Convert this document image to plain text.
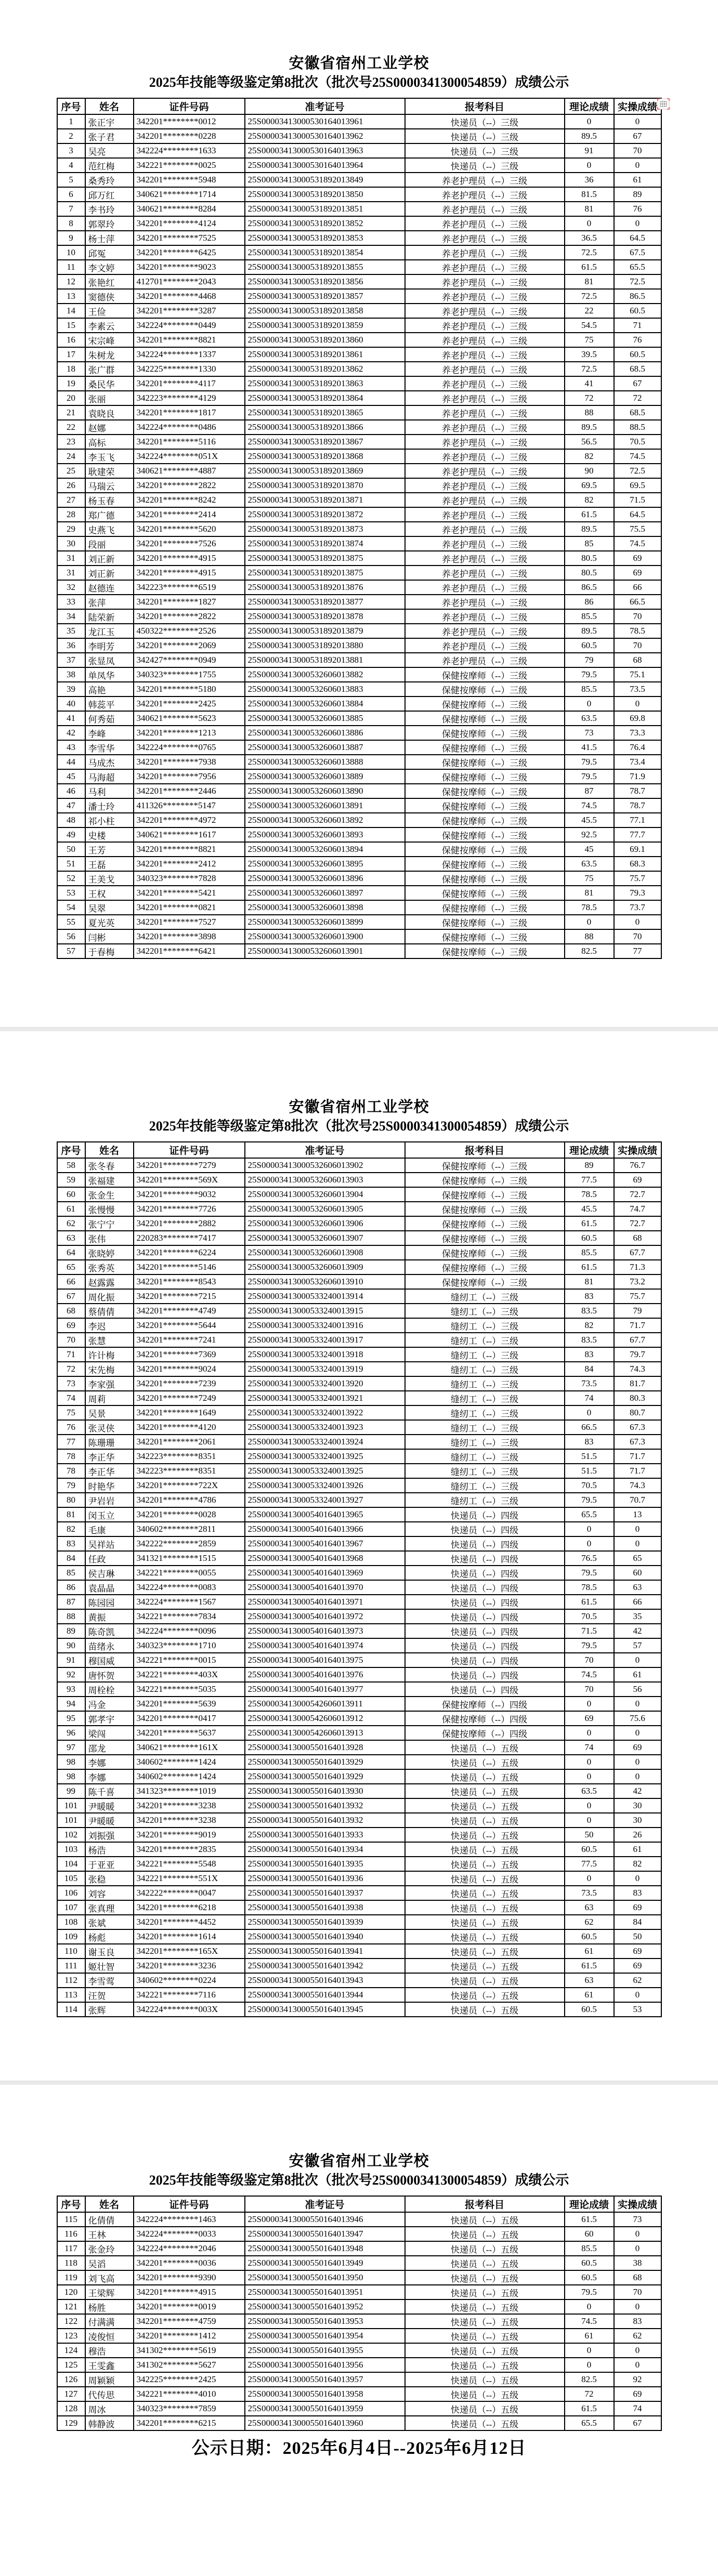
安徽省宿州工业学校
2025年技能等级鉴定第8批次（批次号25S0000341300054859）成绩公示
序号	姓名	证件号码	准考证号	报考科目	理论成绩	实操成绩
1	张正宇	342201********0012	25S00003413000530164013961	快递员（--）三级	0	0
2	张子君	342201********0228	25S00003413000530164013962	快递员（--）三级	89.5	67
3	吴亮	342224********1633	25S00003413000530164013963	快递员（--）三级	91	70
4	范红梅	342221********0025	25S00003413000530164013964	快递员（--）三级	0	0
5	桑秀玲	342201********5948	25S00003413000531892013849	养老护理员（--）三级	36	61
6	邱万红	340621********1714	25S00003413000531892013850	养老护理员（--）三级	81.5	89
7	李书玲	340621********8284	25S00003413000531892013851	养老护理员（--）三级	81	76
8	郭翠玲	342201********4124	25S00003413000531892013852	养老护理员（--）三级	0	0
9	杨士萍	342201********7525	25S00003413000531892013853	养老护理员（--）三级	36.5	64.5
10	邱冤	342201********6425	25S00003413000531892013854	养老护理员（--）三级	72.5	67.5
11	李文婷	342201********9023	25S00003413000531892013855	养老护理员（--）三级	61.5	65.5
12	张艳红	412701********2043	25S00003413000531892013856	养老护理员（--）三级	81	72.5
13	窦德侠	342201********4468	25S00003413000531892013857	养老护理员（--）三级	72.5	86.5
14	王俭	342201********3287	25S00003413000531892013858	养老护理员（--）三级	22	60.5
15	李素云	342224********0449	25S00003413000531892013859	养老护理员（--）三级	54.5	71
16	宋宗峰	342201********8821	25S00003413000531892013860	养老护理员（--）三级	75	76
17	朱树龙	342224********1337	25S00003413000531892013861	养老护理员（--）三级	39.5	60.5
18	张广群	342225********1330	25S00003413000531892013862	养老护理员（--）三级	72.5	68.5
19	桑民华	342201********4117	25S00003413000531892013863	养老护理员（--）三级	41	67
20	张丽	342223********4129	25S00003413000531892013864	养老护理员（--）三级	72	72
21	袁晓良	342201********1817	25S00003413000531892013865	养老护理员（--）三级	88	68.5
22	赵娜	342224********0486	25S00003413000531892013866	养老护理员（--）三级	89.5	88.5
23	高标	342201********5116	25S00003413000531892013867	养老护理员（--）三级	56.5	70.5
24	李玉飞	342224********051X	25S00003413000531892013868	养老护理员（--）三级	82	74.5
25	耿建荣	340621********4887	25S00003413000531892013869	养老护理员（--）三级	90	72.5
26	马瑞云	342201********2822	25S00003413000531892013870	养老护理员（--）三级	69.5	69.5
27	杨玉春	342201********8242	25S00003413000531892013871	养老护理员（--）三级	82	71.5
28	郑广德	342201********2414	25S00003413000531892013872	养老护理员（--）三级	61.5	64.5
29	史燕飞	342201********5620	25S00003413000531892013873	养老护理员（--）三级	89.5	75.5
30	段丽	342201********7526	25S00003413000531892013874	养老护理员（--）三级	85	74.5
31	刘正新	342201********4915	25S00003413000531892013875	养老护理员（--）三级	80.5	69
31	刘正新	342201********4915	25S00003413000531892013875	养老护理员（--）三级	80.5	69
32	赵德连	342223********6519	25S00003413000531892013876	养老护理员（--）三级	86.5	66
33	张萍	342201********1827	25S00003413000531892013877	养老护理员（--）三级	86	66.5
34	陆荣新	342201********2822	25S00003413000531892013878	养老护理员（--）三级	85.5	70
35	龙江玉	450322********2526	25S00003413000531892013879	养老护理员（--）三级	89.5	78.5
36	李明芳	342201********2069	25S00003413000531892013880	养老护理员（--）三级	60.5	70
37	张显凤	342427********0949	25S00003413000531892013881	养老护理员（--）三级	79	68
38	单凤华	340323********1755	25S00003413000532606013882	保健按摩师（--）三级	79.5	75.1
39	高艳	342201********5180	25S00003413000532606013883	保健按摩师（--）三级	85.5	73.5
40	韩蕊平	342201********2425	25S00003413000532606013884	保健按摩师（--）三级	0	0
41	何秀茹	340621********5623	25S00003413000532606013885	保健按摩师（--）三级	63.5	69.8
42	李峰	342201********1213	25S00003413000532606013886	保健按摩师（--）三级	73	73.3
43	李雪华	342224********0765	25S00003413000532606013887	保健按摩师（--）三级	41.5	76.4
44	马成杰	342201********7938	25S00003413000532606013888	保健按摩师（--）三级	79.5	73.4
45	马海超	342201********7956	25S00003413000532606013889	保健按摩师（--）三级	79.5	71.9
46	马利	342201********2446	25S00003413000532606013890	保健按摩师（--）三级	87	78.7
47	潘士玲	411326********5147	25S00003413000532606013891	保健按摩师（--）三级	74.5	78.7
48	祁小柱	342201********4972	25S00003413000532606013892	保健按摩师（--）三级	45.5	77.1
49	史楼	340621********1617	25S00003413000532606013893	保健按摩师（--）三级	92.5	77.7
50	王芳	342201********8821	25S00003413000532606013894	保健按摩师（--）三级	45	69.1
51	王磊	342201********2412	25S00003413000532606013895	保健按摩师（--）三级	63.5	68.3
52	王美戈	340323********7828	25S00003413000532606013896	保健按摩师（--）三级	75	75.7
53	王权	342201********5421	25S00003413000532606013897	保健按摩师（--）三级	81	79.3
54	吴翠	342201********0821	25S00003413000532606013898	保健按摩师（--）三级	78.5	73.7
55	夏光英	342201********7527	25S00003413000532606013899	保健按摩师（--）三级	0	0
56	闫彬	342201********3898	25S00003413000532606013900	保健按摩师（--）三级	88	70
57	于春梅	342201********6421	25S00003413000532606013901	保健按摩师（--）三级	82.5	77
安徽省宿州工业学校
2025年技能等级鉴定第8批次（批次号25S0000341300054859）成绩公示
序号	姓名	证件号码	准考证号	报考科目	理论成绩	实操成绩
58	张冬春	342201********7279	25S00003413000532606013902	保健按摩师（--）三级	89	76.7
59	张福建	342201********569X	25S00003413000532606013903	保健按摩师（--）三级	77.5	69
60	张金生	342201********9032	25S00003413000532606013904	保健按摩师（--）三级	78.5	72.7
61	张慢慢	342201********7726	25S00003413000532606013905	保健按摩师（--）三级	45.5	74.7
62	张宁宁	342201********2882	25S00003413000532606013906	保健按摩师（--）三级	61.5	72.7
63	张伟	220283********7417	25S00003413000532606013907	保健按摩师（--）三级	60.5	68
64	张晓婷	342201********6224	25S00003413000532606013908	保健按摩师（--）三级	85.5	67.7
65	张秀英	342201********5146	25S00003413000532606013909	保健按摩师（--）三级	61.5	71.3
66	赵露露	342201********8543	25S00003413000532606013910	保健按摩师（--）三级	81	73.2
67	周化振	342201********7215	25S00003413000533240013914	缝纫工（--）三级	83	75.7
68	蔡倩倩	342201********4749	25S00003413000533240013915	缝纫工（--）三级	83.5	79
69	李迟	342201********5644	25S00003413000533240013916	缝纫工（--）三级	82	71.7
70	张慧	342201********7241	25S00003413000533240013917	缝纫工（--）三级	83.5	67.7
71	许计梅	342201********7369	25S00003413000533240013918	缝纫工（--）三级	83	79.7
72	宋先梅	342201********9024	25S00003413000533240013919	缝纫工（--）三级	84	74.3
73	李家强	342201********7239	25S00003413000533240013920	缝纫工（--）三级	73.5	81.7
74	周莉	342201********7249	25S00003413000533240013921	缝纫工（--）三级	74	80.3
75	吴景	342201********1649	25S00003413000533240013922	缝纫工（--）三级	0	80.7
76	张灵侠	342201********4120	25S00003413000533240013923	缝纫工（--）三级	66.5	67.3
77	陈珊珊	342201********2061	25S00003413000533240013924	缝纫工（--）三级	83	67.3
78	李正华	342223********8351	25S00003413000533240013925	缝纫工（--）三级	51.5	71.7
78	李正华	342223********8351	25S00003413000533240013925	缝纫工（--）三级	51.5	71.7
79	时艳华	342201********722X	25S00003413000533240013926	缝纫工（--）三级	70.5	74.3
80	尹岩岩	342201********4786	25S00003413000533240013927	缝纫工（--）三级	79.5	70.7
81	闵玉立	342201********0028	25S00003413000540164013965	快递员（--）四级	65.5	13
82	毛康	340602********2811	25S00003413000540164013966	快递员（--）四级	0	0
83	吴祥站	342222********2859	25S00003413000540164013967	快递员（--）四级	0	0
84	任政	341321********1515	25S00003413000540164013968	快递员（--）四级	76.5	65
85	侯吉琳	342221********0055	25S00003413000540164013969	快递员（--）四级	79.5	60
86	袁晶晶	342224********0083	25S00003413000540164013970	快递员（--）四级	78.5	63
87	陈园园	342224********1567	25S00003413000540164013971	快递员（--）四级	61.5	66
88	黄振	342221********7834	25S00003413000540164013972	快递员（--）四级	70.5	35
89	陈奇凯	342224********0096	25S00003413000540164013973	快递员（--）四级	71.5	42
90	苗绪永	340323********1710	25S00003413000540164013974	快递员（--）四级	79.5	57
91	穆国威	342221********0015	25S00003413000540164013975	快递员（--）四级	70	0
92	唐怀贺	342221********403X	25S00003413000540164013976	快递员（--）四级	74.5	61
93	周栓栓	342221********5035	25S00003413000540164013977	快递员（--）四级	70	56
94	冯金	342201********5639	25S00003413000542606013911	保健按摩师（--）四级	0	0
95	郭孝宇	342201********0417	25S00003413000542606013912	保健按摩师（--）四级	69	75.6
96	梁闯	342201********5637	25S00003413000542606013913	保健按摩师（--）四级	0	0
97	邵龙	340621********161X	25S00003413000550164013928	快递员（--）五级	74	69
98	李娜	340602********1424	25S00003413000550164013929	快递员（--）五级	0	0
98	李娜	340602********1424	25S00003413000550164013929	快递员（--）五级	0	0
99	陈千喜	341323********1019	25S00003413000550164013930	快递员（--）五级	63.5	42
101	尹暖暖	342201********3238	25S00003413000550164013932	快递员（--）五级	0	30
101	尹暖暖	342201********3238	25S00003413000550164013932	快递员（--）五级	0	30
102	刘振强	342201********9019	25S00003413000550164013933	快递员（--）五级	50	26
103	杨浩	342201********2835	25S00003413000550164013934	快递员（--）五级	60.5	61
104	于亚亚	342221********5548	25S00003413000550164013935	快递员（--）五级	77.5	82
105	张稳	342221********551X	25S00003413000550164013936	快递员（--）五级	0	0
106	刘容	342222********0047	25S00003413000550164013937	快递员（--）五级	73.5	83
107	张真理	342201********6218	25S00003413000550164013938	快递员（--）五级	63	69
108	张斌	342201********4452	25S00003413000550164013939	快递员（--）五级	62	84
109	杨彪	342201********1614	25S00003413000550164013940	快递员（--）五级	60.5	50
110	谢玉良	342201********165X	25S00003413000550164013941	快递员（--）五级	61	69
111	姬壮智	342201********3236	25S00003413000550164013942	快递员（--）五级	61.5	69
112	李雪莺	340602********0224	25S00003413000550164013943	快递员（--）五级	63	62
113	汪贺	342221********7116	25S00003413000550164013944	快递员（--）五级	61	0
114	张辉	342224********003X	25S00003413000550164013945	快递员（--）五级	60.5	53
安徽省宿州工业学校
2025年技能等级鉴定第8批次（批次号25S0000341300054859）成绩公示
序号	姓名	证件号码	准考证号	报考科目	理论成绩	实操成绩
115	化倩倩	342224********1463	25S00003413000550164013946	快递员（--）五级	61.5	73
116	王林	342224********0033	25S00003413000550164013947	快递员（--）五级	60	0
117	张金玲	342224********2046	25S00003413000550164013948	快递员（--）五级	85.5	0
118	吴滔	342201********0036	25S00003413000550164013949	快递员（--）五级	60.5	38
119	刘飞高	342201********9390	25S00003413000550164013950	快递员（--）五级	60.5	68
120	王梁辉	342201********4915	25S00003413000550164013951	快递员（--）五级	79.5	70
121	杨胜	342201********0019	25S00003413000550164013952	快递员（--）五级	0	0
122	付满满	342201********4759	25S00003413000550164013953	快递员（--）五级	74.5	83
123	凌俊恒	342201********1412	25S00003413000550164013954	快递员（--）五级	61	62
124	穆浩	341302********5619	25S00003413000550164013955	快递员（--）五级	0	0
125	王雯鑫	341302********5627	25S00003413000550164013956	快递员（--）五级	0	0
126	周颖颖	342225********2425	25S00003413000550164013957	快递员（--）五级	82.5	92
127	代传思	342221********4010	25S00003413000550164013958	快递员（--）五级	72	69
128	周冰	340323********7859	25S00003413000550164013959	快递员（--）五级	61.5	74
129	韩静波	342201********6215	25S00003413000550164013960	快递员（--）五级	65.5	67
公示日期：2025年6月4日--2025年6月12日
